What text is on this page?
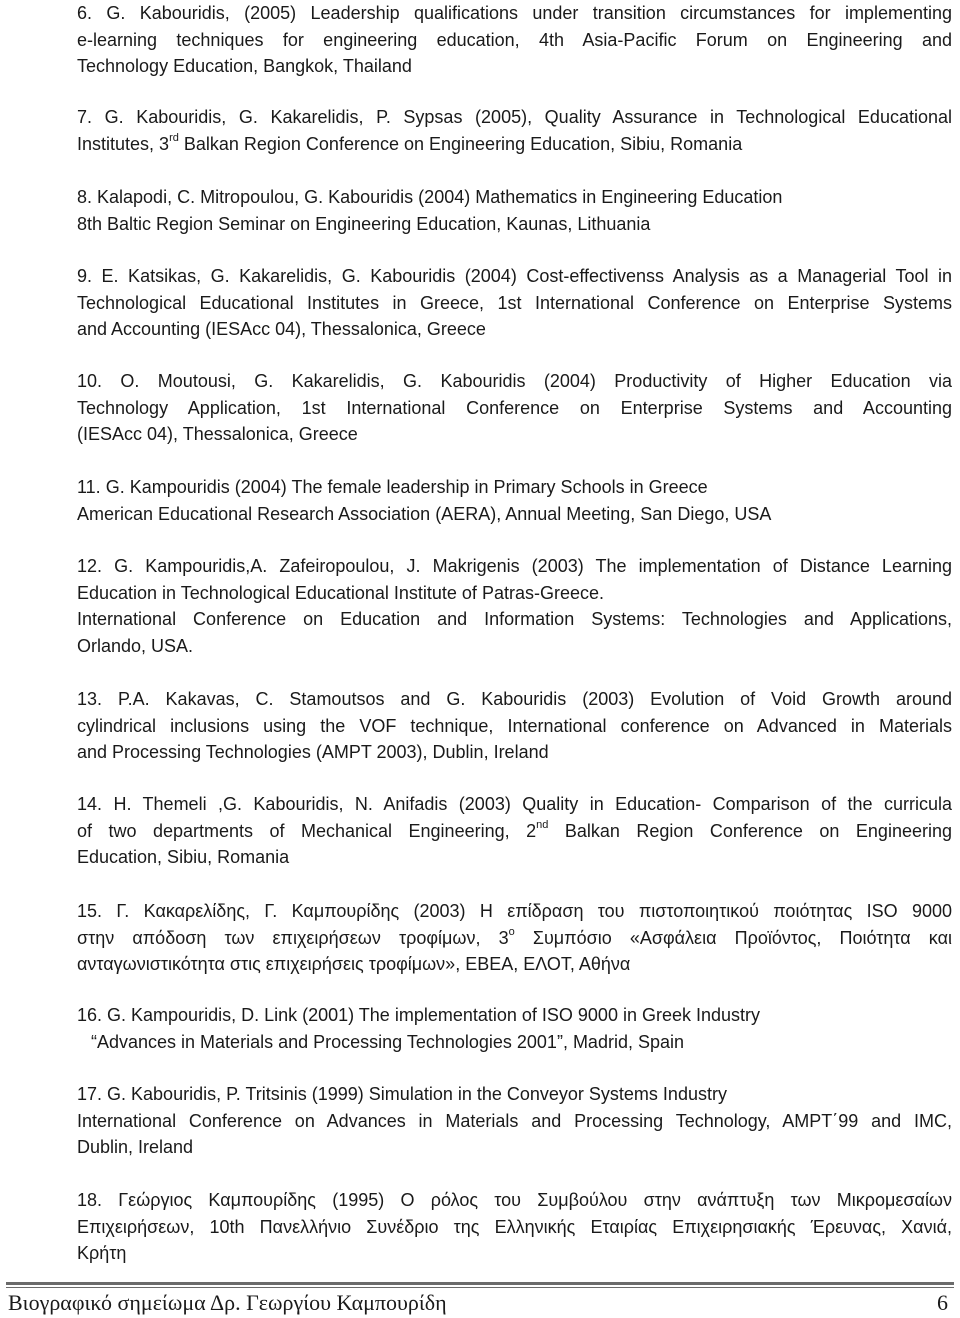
6. G. Kabouridis, (2005) Leadership qualifications under transition circumstances for implementing
e-learning techniques for engineering education, 4th Asia-Pacific Forum on Engineering and
Technology Education, Bangkok, Thailand
7. G. Kabouridis, G. Kakarelidis, P. Sypsas (2005), Quality Assurance in Technological Educational
Institutes, 3rd Balkan Region Conference on Engineering Education, Sibiu, Romania
8. Kalapodi, C. Mitropoulou, G. Kabouridis (2004) Mathematics in Engineering Education
8th Baltic Region Seminar on Engineering Education, Kaunas, Lithuania
9. E. Katsikas, G. Kakarelidis, G. Kabouridis (2004) Cost-effectivenss Analysis as a Managerial Tool in
Technological Educational Institutes in Greece, 1st International Conference on Enterprise Systems
and Accounting (IESAcc 04), Thessalonica, Greece
10. O. Moutousi, G. Kakarelidis, G. Kabouridis (2004) Productivity of Higher Education via
Technology Application, 1st International Conference on Enterprise Systems and Accounting
(IESAcc 04), Thessalonica, Greece
11. G. Kampouridis (2004) The female leadership in Primary Schools in Greece
American Educational Research Association (AERA), Annual Meeting, San Diego, USA
12. G. Kampouridis,A. Zafeiropoulou, J. Makrigenis (2003) The implementation of Distance Learning
Education in Technological Educational Institute of Patras-Greece.
International Conference on Education and Information Systems: Technologies and Applications,
Orlando, USA.
13. P.A. Kakavas, C. Stamoutsos and G. Kabouridis (2003) Evolution of Void Growth around
cylindrical inclusions using the VOF technique, International conference on Advanced in Materials
and Processing Technologies (AMPT 2003), Dublin, Ireland
14. H. Themeli ,G. Kabouridis, N. Anifadis (2003) Quality in Education- Comparison of the curricula
of two departments of Mechanical Engineering, 2nd Balkan Region Conference on Engineering
Education, Sibiu, Romania
15. Γ. Κακαρελίδης, Γ. Καμπουρίδης (2003) Η επίδραση του πιστοποιητικού ποιότητας ISO 9000
στην απόδοση των επιχειρήσεων τροφίμων, $3^o$ Συμπόσιο «Ασφάλεια Προϊόντος, Ποιότητα και
ανταγωνιστικότητα στις επιχειρήσεις τροφίμων», ΕΒΕΑ, ΕΛΟΤ, Αθήνα
16. G. Kampouridis, D. Link (2001) The implementation of ISO 9000 in Greek Industry
“Advances in Materials and Processing Technologies 2001”, Madrid, Spain
17. G. Kabouridis, P. Tritsinis (1999) Simulation in the Conveyor Systems Industry
International Conference on Advances in Materials and Processing Technology, AMPT΄99 and IMC,
Dublin, Ireland
18. Γεώργιος Καμπουρίδης (1995) Ο ρόλος του Συμβούλου στην ανάπτυξη των Μικρομεσαίων
Επιχειρήσεων, 10th Πανελλήνιο Συνέδριο της Ελληνικής Εταιρίας Επιχειρησιακής Έρευνας, Χανιά,
Κρήτη
Βιογραφικό σημείωμα Δρ. Γεωργίου Καμπουρίδη	6
